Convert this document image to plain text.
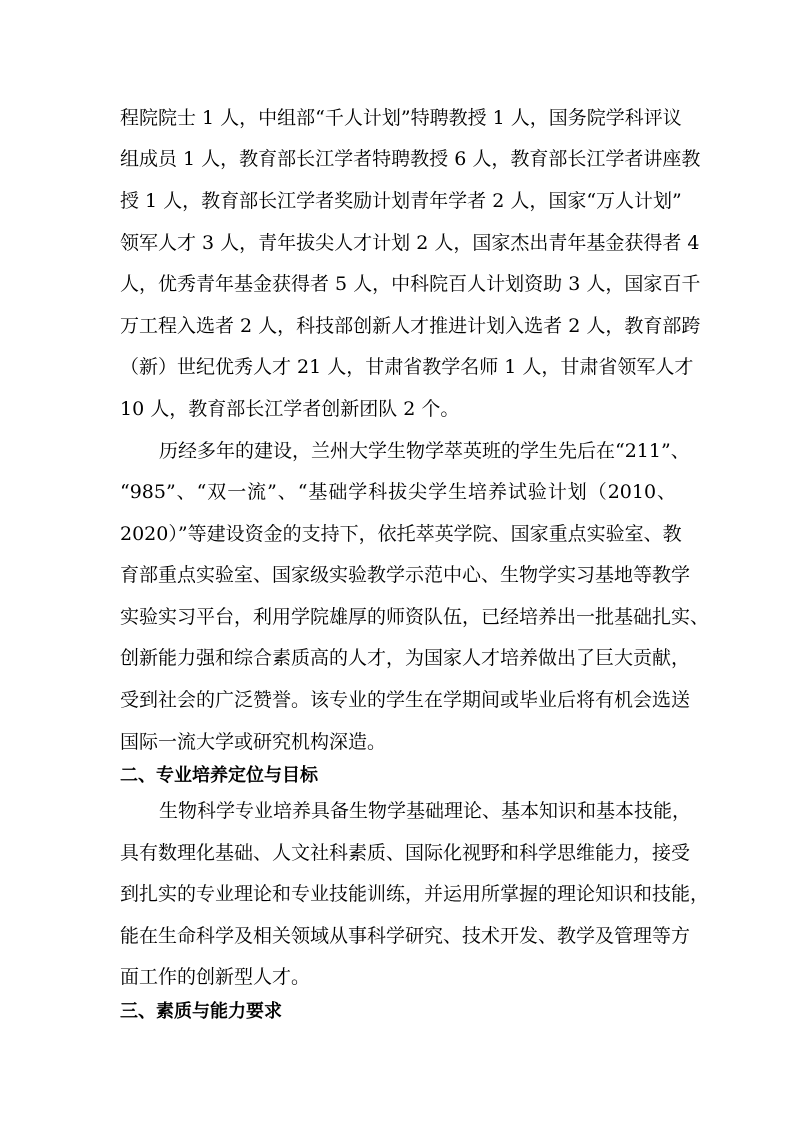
程院院士 1 人，中组部“千人计划”特聘教授 1 人，国务院学科评议
组成员 1 人，教育部长江学者特聘教授 6 人，教育部长江学者讲座教
授 1 人，教育部长江学者奖励计划青年学者 2 人，国家“万人计划”
领军人才 3 人，青年拔尖人才计划 2 人，国家杰出青年基金获得者 4
人，优秀青年基金获得者 5 人，中科院百人计划资助 3 人，国家百千
万工程入选者 2 人，科技部创新人才推进计划入选者 2 人，教育部跨
（新）世纪优秀人才 21 人，甘肃省教学名师 1 人，甘肃省领军人才
10 人，教育部长江学者创新团队 2 个。
历经多年的建设，兰州大学生物学萃英班的学生先后在“211”、
“985”、“双一流”、“基础学科拔尖学生培养试验计划（2010、
2020）”等建设资金的支持下，依托萃英学院、国家重点实验室、教
育部重点实验室、国家级实验教学示范中心、生物学实习基地等教学
实验实习平台，利用学院雄厚的师资队伍，已经培养出一批基础扎实、
创新能力强和综合素质高的人才，为国家人才培养做出了巨大贡献，
受到社会的广泛赞誉。该专业的学生在学期间或毕业后将有机会选送
国际一流大学或研究机构深造。
二、专业培养定位与目标
生物科学专业培养具备生物学基础理论、基本知识和基本技能，
具有数理化基础、人文社科素质、国际化视野和科学思维能力，接受
到扎实的专业理论和专业技能训练，并运用所掌握的理论知识和技能，
能在生命科学及相关领域从事科学研究、技术开发、教学及管理等方
面工作的创新型人才。
三、素质与能力要求
